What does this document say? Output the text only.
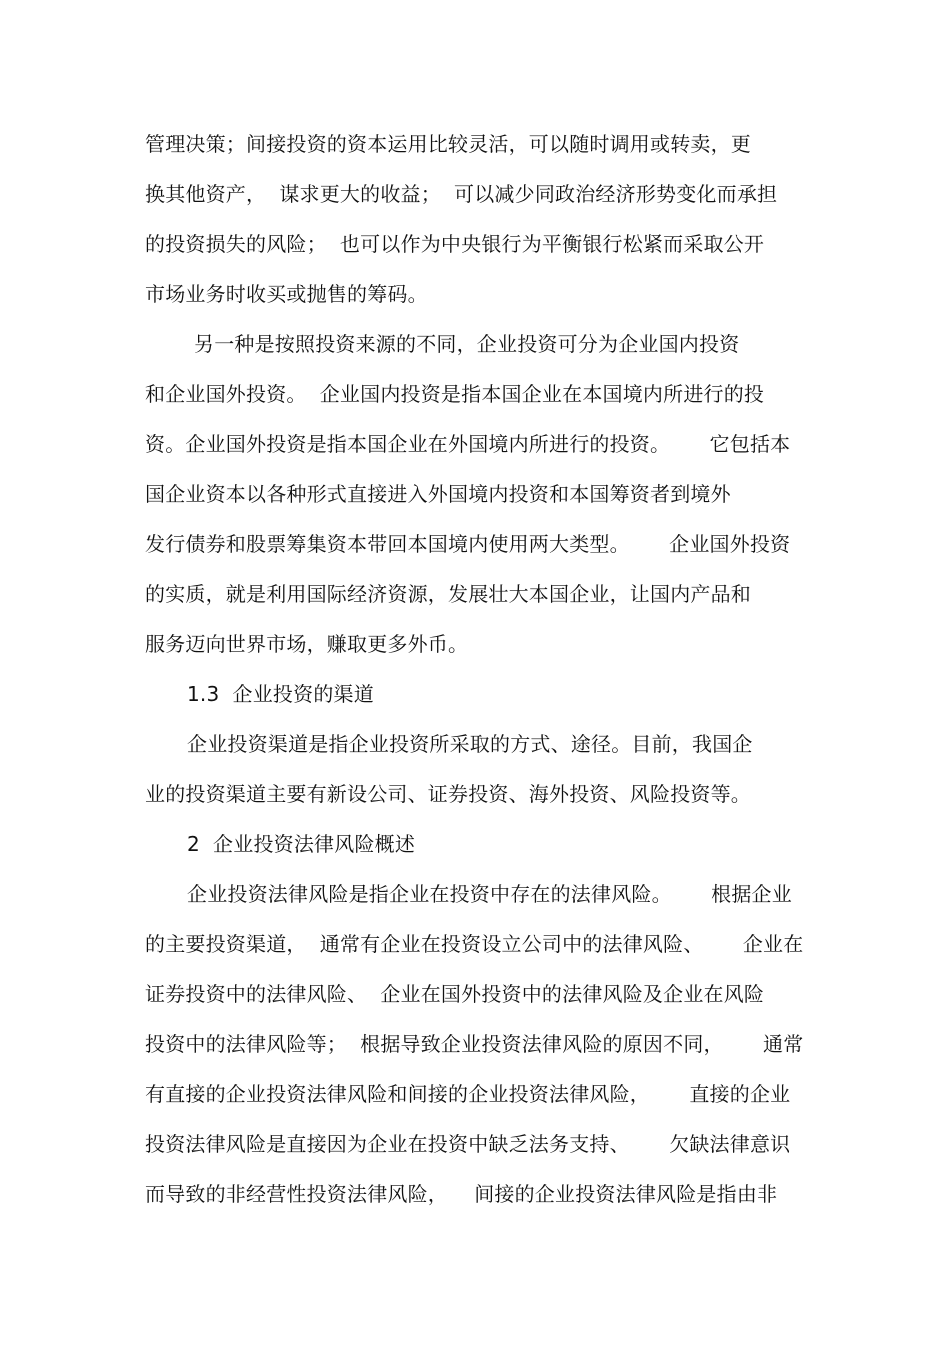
管理决策；间接投资的资本运用比较灵活，可以随时调用或转卖，更
换其他资产，  谋求更大的收益；  可以减少同政治经济形势变化而承担
的投资损失的风险；  也可以作为中央银行为平衡银行松紧而采取公开
市场业务时收买或抛售的筹码。
另一种是按照投资来源的不同，企业投资可分为企业国内投资
和企业国外投资。  企业国内投资是指本国企业在本国境内所进行的投
资。企业国外投资是指本国企业在外国境内所进行的投资。      它包括本
国企业资本以各种形式直接进入外国境内投资和本国筹资者到境外
发行债券和股票筹集资本带回本国境内使用两大类型。      企业国外投资
的实质，就是利用国际经济资源，发展壮大本国企业，让国内产品和
服务迈向世界市场，赚取更多外币。
1.3  企业投资的渠道
企业投资渠道是指企业投资所采取的方式、途径。目前，我国企
业的投资渠道主要有新设公司、证券投资、海外投资、风险投资等。
2  企业投资法律风险概述
企业投资法律风险是指企业在投资中存在的法律风险。      根据企业
的主要投资渠道，  通常有企业在投资设立公司中的法律风险、      企业在
证券投资中的法律风险、  企业在国外投资中的法律风险及企业在风险
投资中的法律风险等；  根据导致企业投资法律风险的原因不同，      通常
有直接的企业投资法律风险和间接的企业投资法律风险，      直接的企业
投资法律风险是直接因为企业在投资中缺乏法务支持、      欠缺法律意识
而导致的非经营性投资法律风险，    间接的企业投资法律风险是指由非
